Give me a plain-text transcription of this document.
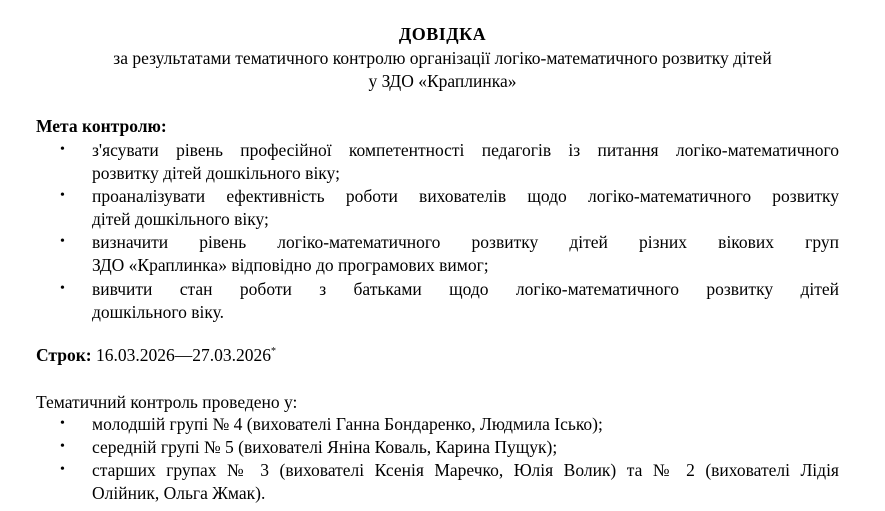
ДОВІДКА
за результатами тематичного контролю організації логіко-математичного розвитку дітей
у ЗДО «Краплинка»
Мета контролю:
• з'ясувати рівень професійної компетентності педагогів із питання логіко-математичного
розвитку дітей дошкільного віку;
• проаналізувати ефективність роботи вихователів щодо логіко-математичного розвитку
дітей дошкільного віку;
• визначити рівень логіко-математичного розвитку дітей різних вікових груп
ЗДО «Краплинка» відповідно до програмових вимог;
• вивчити стан роботи з батьками щодо логіко-математичного розвитку дітей
дошкільного віку.
Строк: 16.03.2026—27.03.2026*
Тематичний контроль проведено у:
• молодшій групі № 4 (вихователі Ганна Бондаренко, Людмила Ісько);
• середній групі № 5 (вихователі Яніна Коваль, Карина Пущук);
• старших групах № 3 (вихователі Ксенія Маречко, Юлія Волик) та № 2 (вихователі Лідія
Олійник, Ольга Жмак).
